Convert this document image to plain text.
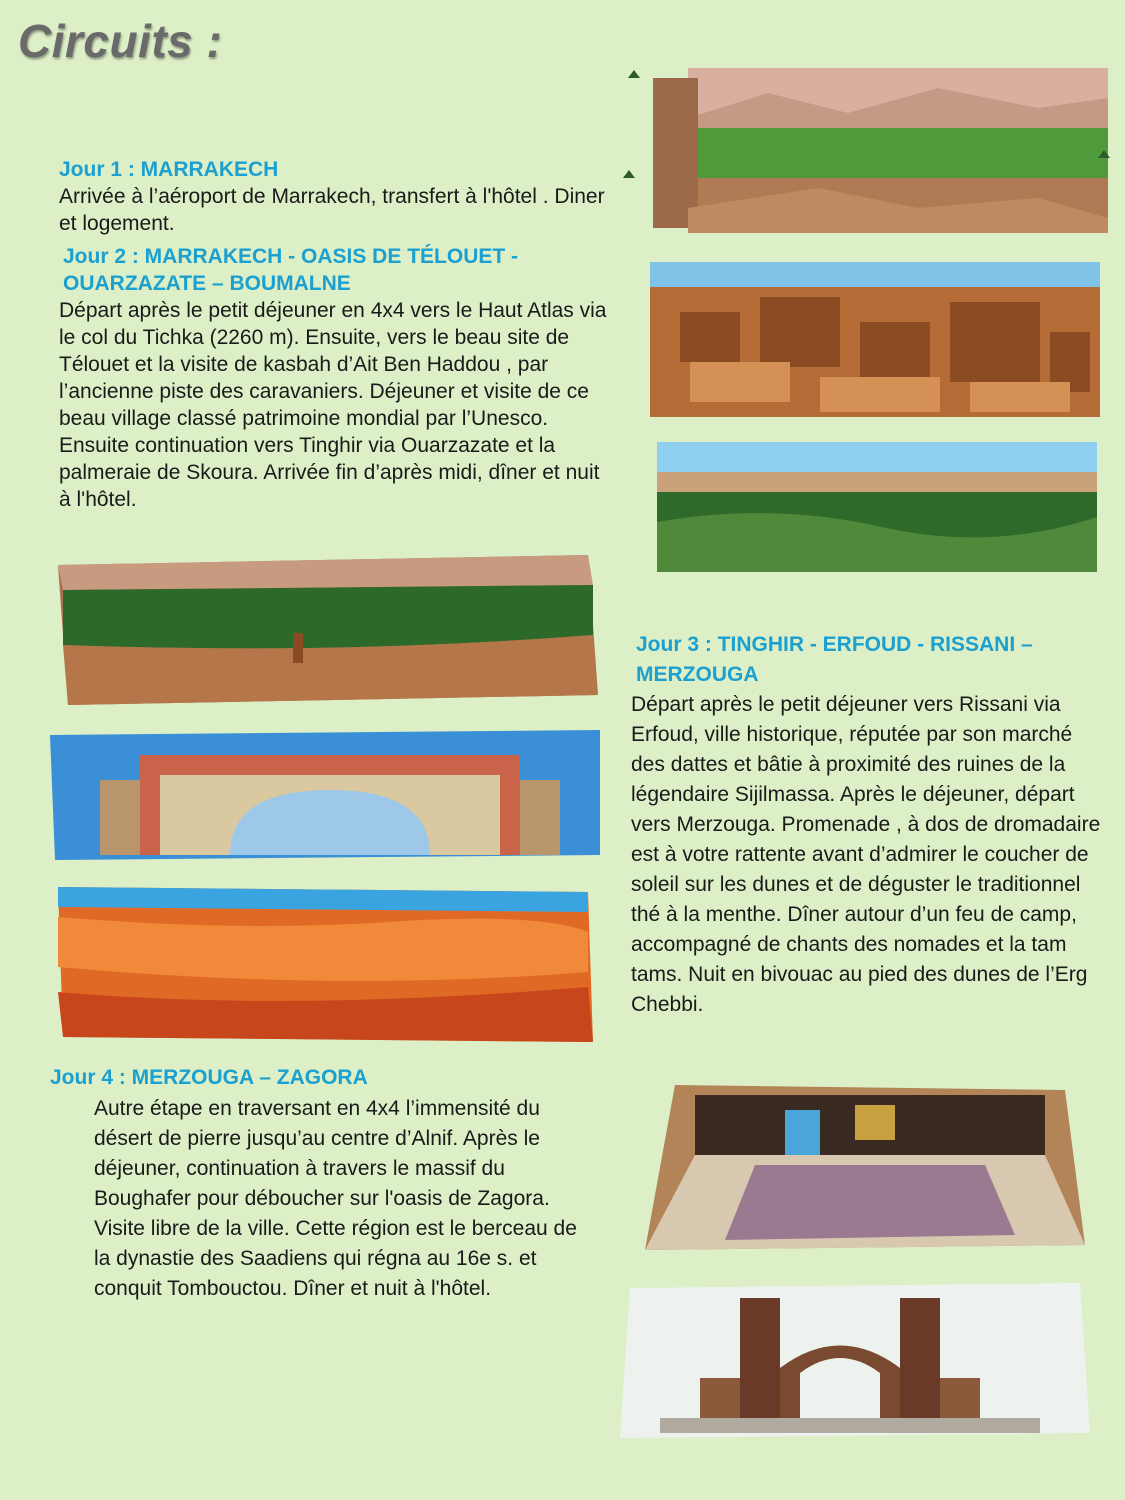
Circuits :
Jour 1 : MARRAKECH

Arrivée à l’aéroport de Marrakech, transfert à l'hôtel . Diner et logement.

Jour 2 : MARRAKECH - OASIS DE TÉLOUET - OUARZAZATE – BOUMALNE

Départ après le petit déjeuner en 4x4 vers le Haut Atlas via le col du Tichka (2260 m). Ensuite, vers le beau site de Télouet et la visite de kasbah d’Ait Ben Haddou , par l’ancienne piste des caravaniers. Déjeuner et visite de ce beau village classé patrimoine mondial par l’Unesco. Ensuite continuation vers Tinghir via Ouarzazate et la palmeraie de Skoura. Arrivée fin d’après midi, dîner et nuit à l'hôtel.

Jour 3 : TINGHIR - ERFOUD - RISSANI – MERZOUGA

Départ après le petit déjeuner vers Rissani via Erfoud, ville historique, réputée par son marché des dattes et bâtie à proximité des ruines de la légendaire Sijilmassa. Après le déjeuner, départ vers Merzouga. Promenade , à dos de dromadaire est à votre rattente avant d’admirer le coucher de soleil sur les dunes et de déguster le traditionnel thé à la menthe. Dîner autour d’un feu de camp, accompagné de chants des nomades et la tam tams. Nuit en bivouac au pied des dunes de l’Erg Chebbi.

Jour 4 : MERZOUGA – ZAGORA

Autre étape en traversant en 4x4 l’immensité du désert de pierre jusqu’au centre d’Alnif. Après le déjeuner, continuation à travers le massif du Boughafer pour déboucher sur l'oasis de Zagora. Visite libre de la ville. Cette région est le berceau de la dynastie des Saadiens qui régna au 16e s. et conquit Tombouctou. Dîner et nuit à l'hôtel.
